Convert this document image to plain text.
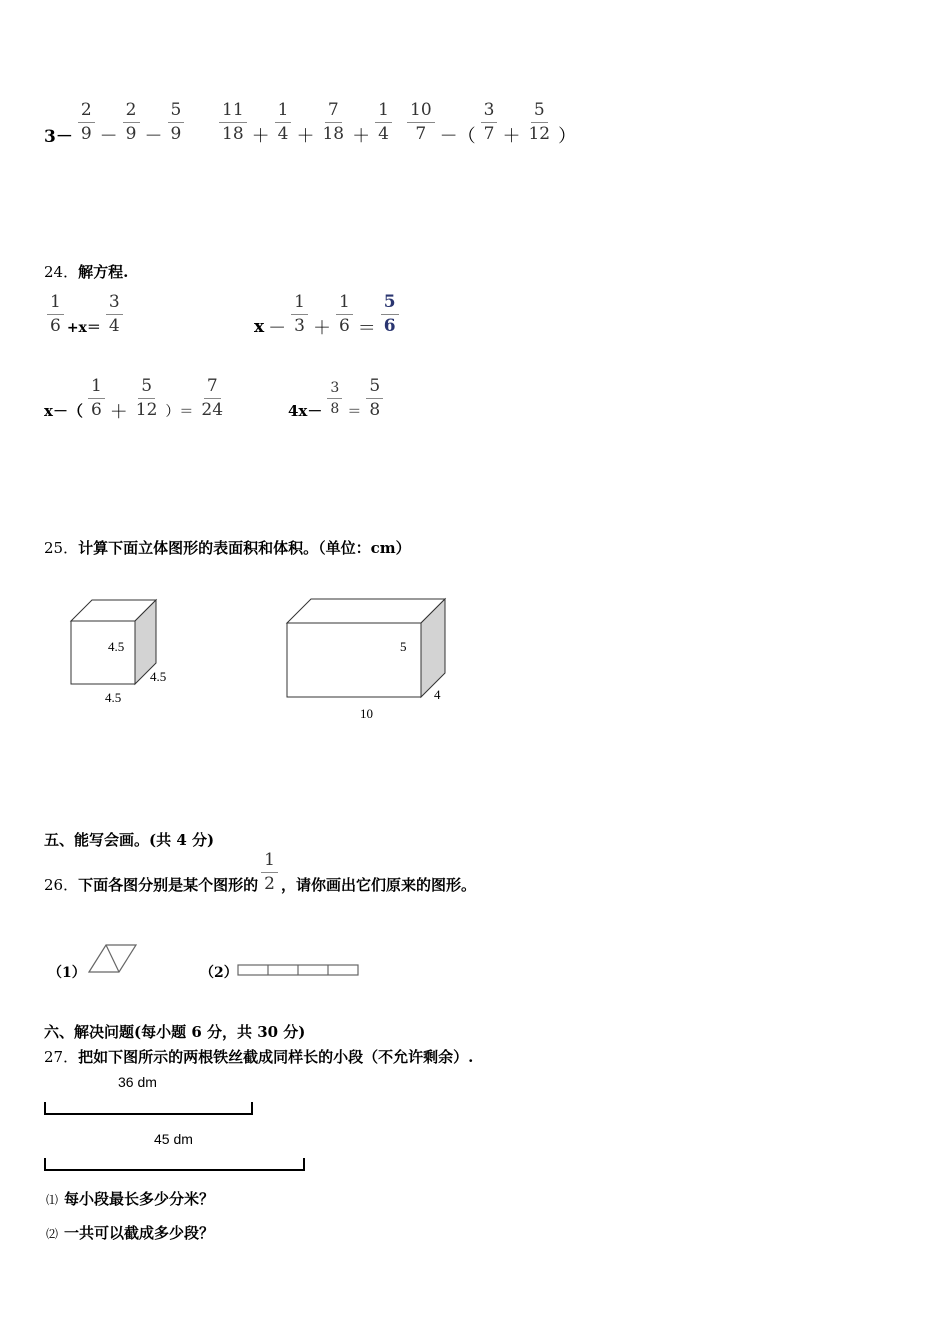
$3- \frac{2}{9} - \frac{2}{9} - \frac{5}{9} \frac{11}{18} + \frac{1}{4} + \frac{7}{18} + \frac{1}{4} \frac{10}{7}$ －（ $\frac{3}{7} + \frac{5}{12}$ ）
24．解方程.
$\frac{1}{6} +x= \frac{3}{4}$	$x - \frac{1}{3} + \frac{1}{6} = \frac{5}{6}$
$x-( \frac{1}{6} + \frac{5}{12}$ ）＝ $\frac{7}{24}$	$4x- \frac{3}{8} = \frac{5}{8}$
25．计算下面立体图形的表面积和体积。（单位：cm）
4.5
4.5
4.5
5
4
10
五、能写会画。(共 4 分)
26． 下面各图分别是某个图形的 $\frac{1}{2}$ ，请你画出它们原来的图形。
（1）	（2）
六、解决问题(每小题 6 分，共 30 分)
27．把如下图所示的两根铁丝截成同样长的小段（不允许剩余）.
36 dm
45 dm
⑴ 每小段最长多少分米？
⑵ 一共可以截成多少段？
